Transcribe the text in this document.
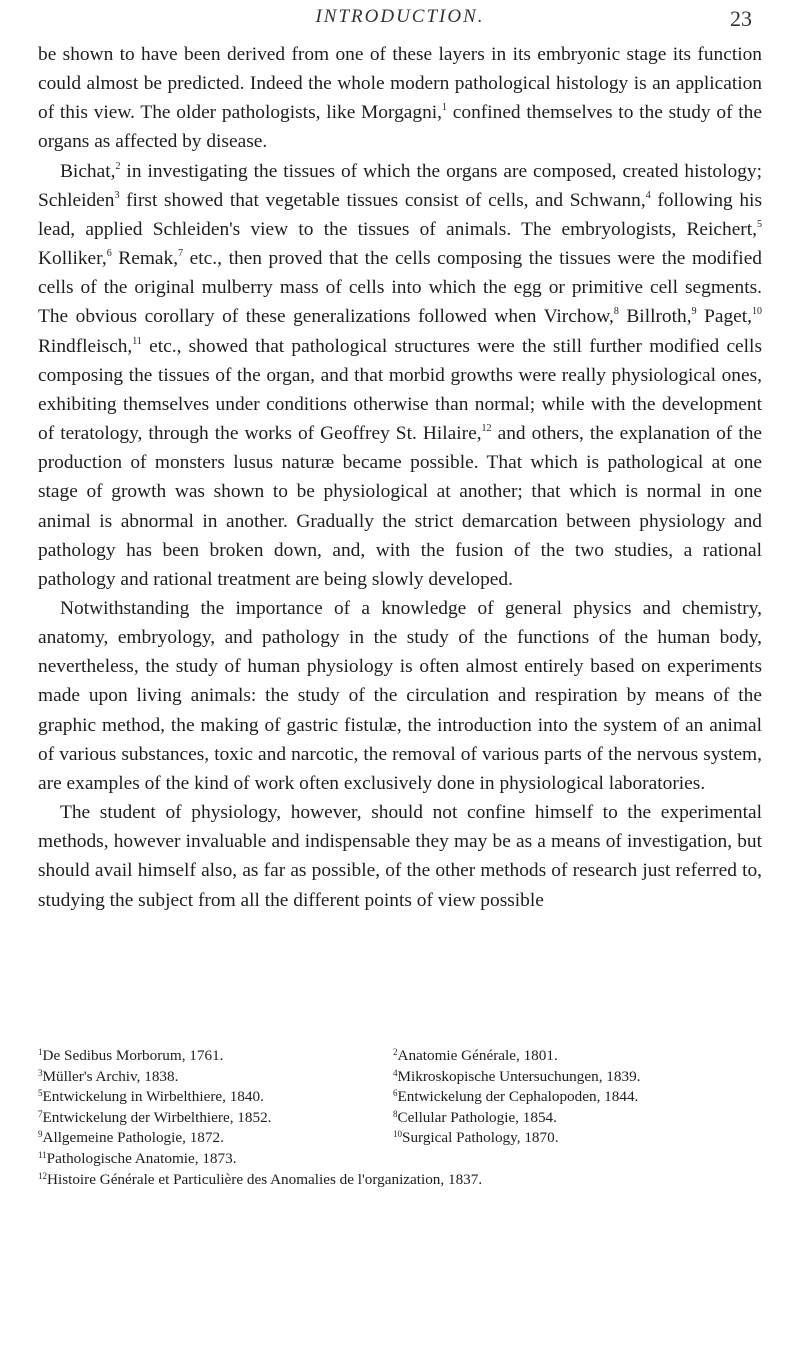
INTRODUCTION.	23

be shown to have been derived from one of these layers in its embryonic stage its function could almost be predicted. Indeed the whole modern pathological histology is an application of this view. The older pathologists, like Morgagni,$^1$ confined themselves to the study of the organs as affected by disease.

Bichat,$^2$ in investigating the tissues of which the organs are composed, created histology; Schleiden$^3$ first showed that vegetable tissues consist of cells, and Schwann,$^4$ following his lead, applied Schleiden's view to the tissues of animals. The embryologists, Reichert,$^5$ Kolliker,$^6$ Remak,$^7$ etc., then proved that the cells composing the tissues were the modified cells of the original mulberry mass of cells into which the egg or primitive cell segments. The obvious corollary of these generalizations followed when Virchow,$^8$ Billroth,$^9$ Paget,$^{10}$ Rindfleisch,$^{11}$ etc., showed that pathological structures were the still further modified cells composing the tissues of the organ, and that morbid growths were really physiological ones, exhibiting themselves under conditions otherwise than normal; while with the development of teratology, through the works of Geoffrey St. Hilaire,$^{12}$ and others, the explanation of the production of monsters lusus naturæ became possible. That which is pathological at one stage of growth was shown to be physiological at another; that which is normal in one animal is abnormal in another. Gradually the strict demarcation between physiology and pathology has been broken down, and, with the fusion of the two studies, a rational pathology and rational treatment are being slowly developed.

Notwithstanding the importance of a knowledge of general physics and chemistry, anatomy, embryology, and pathology in the study of the functions of the human body, nevertheless, the study of human physiology is often almost entirely based on experiments made upon living animals: the study of the circulation and respiration by means of the graphic method, the making of gastric fistulæ, the introduction into the system of an animal of various substances, toxic and narcotic, the removal of various parts of the nervous system, are examples of the kind of work often exclusively done in physiological laboratories.

The student of physiology, however, should not confine himself to the experimental methods, however invaluable and indispensable they may be as a means of investigation, but should avail himself also, as far as possible, of the other methods of research just referred to, studying the subject from all the different points of view possible

$^1$De Sedibus Morborum, 1761.	$^2$Anatomie Générale, 1801.
$^3$Müller's Archiv, 1838.	$^4$Mikroskopische Untersuchungen, 1839.
$^5$Entwickelung in Wirbelthiere, 1840.	$^6$Entwickelung der Cephalopoden, 1844.
$^7$Entwickelung der Wirbelthiere, 1852.	$^8$Cellular Pathologie, 1854.
$^9$Allgemeine Pathologie, 1872.	$^{10}$Surgical Pathology, 1870.
$^{11}$Pathologische Anatomie, 1873.
$^{12}$Histoire Générale et Particulière des Anomalies de l'organization, 1837.
